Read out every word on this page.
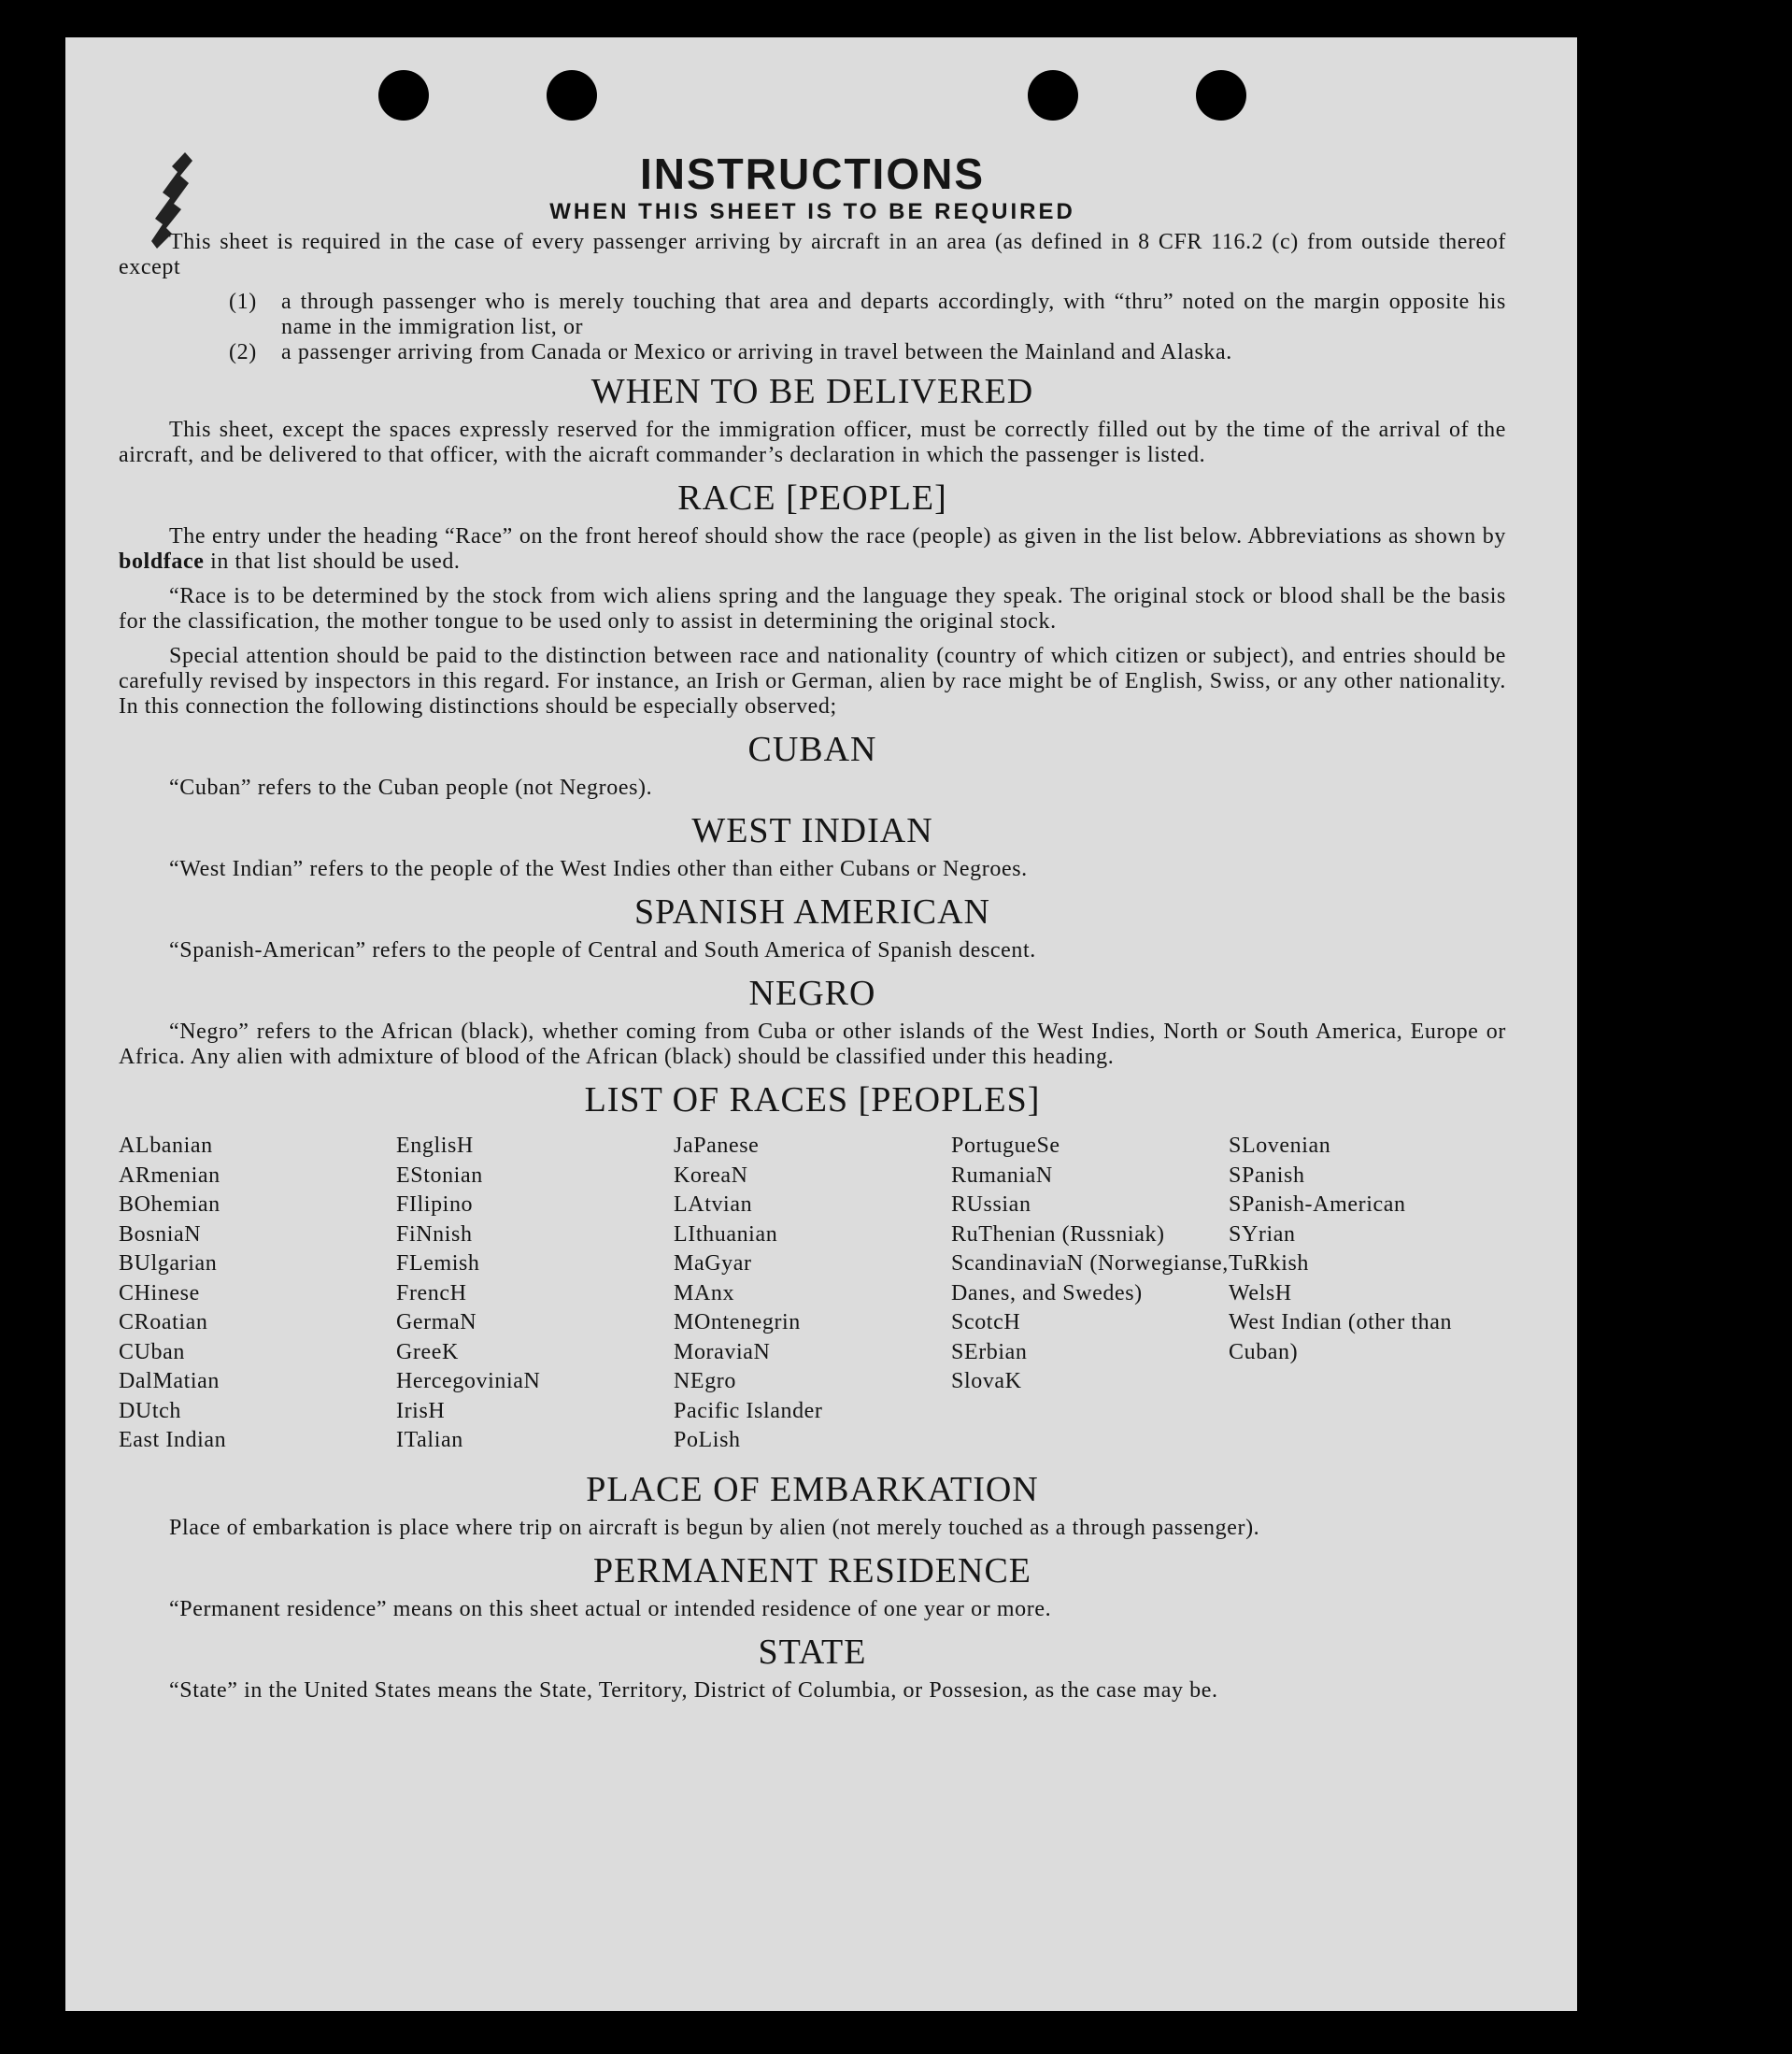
INSTRUCTIONS
WHEN THIS SHEET IS TO BE REQUIRED

This sheet is required in the case of every passenger arriving by aircraft in an area (as defined in 8 CFR 116.2 (c) from outside thereof except

(1)	a through passenger who is merely touching that area and departs accordingly, with “thru” noted on the margin opposite his name in the immigration list, or
(2)	a passenger arriving from Canada or Mexico or arriving in travel between the Mainland and Alaska.
WHEN TO BE DELIVERED

This sheet, except the spaces expressly reserved for the immigration officer, must be correctly filled out by the time of the arrival of the aircraft, and be delivered to that officer, with the aicraft commander’s declaration in which the passenger is listed.

RACE [PEOPLE]

The entry under the heading “Race” on the front hereof should show the race (people) as given in the list below. Abbreviations as shown by boldface in that list should be used.

“Race is to be determined by the stock from wich aliens spring and the language they speak. The original stock or blood shall be the basis for the classification, the mother tongue to be used only to assist in determining the original stock.

Special attention should be paid to the distinction between race and nationality (country of which citizen or subject), and entries should be carefully revised by inspectors in this regard. For instance, an Irish or German, alien by race might be of English, Swiss, or any other nationality. In this connection the following distinctions should be especially observed;

CUBAN

“Cuban” refers to the Cuban people (not Negroes).

WEST INDIAN

“West Indian” refers to the people of the West Indies other than either Cubans or Negroes.

SPANISH AMERICAN

“Spanish-American” refers to the people of Central and South America of Spanish descent.

NEGRO

“Negro” refers to the African (black), whether coming from Cuba or other islands of the West Indies, North or South America, Europe or Africa. Any alien with admixture of blood of the African (black) should be classified under this heading.

LIST OF RACES [PEOPLES]
ALbanian
ARmenian
BOhemian
BosniaN
BUlgarian
CHinese
CRoatian
CUban
DalMatian
DUtch
East Indian
EnglisH
EStonian
FIlipino
FiNnish
FLemish
FrencH
GermaN
GreeK
HercegoviniaN
IrisH
ITalian
JaPanese
KoreaN
LAtvian
LIthuanian
MaGyar
MAnx
MOntenegrin
MoraviaN
NEgro
Pacific Islander
PoLish
PortugueSe
RumaniaN
RUssian
RuThenian (Russniak)
ScandinaviaN (Norwegianse, Danes, and Swedes)
ScotcH
SErbian
SlovaK
SLovenian
SPanish
SPanish-American
SYrian
TuRkish
WelsH
West Indian (other than Cuban)
PLACE OF EMBARKATION

Place of embarkation is place where trip on aircraft is begun by alien (not merely touched as a through passenger).

PERMANENT RESIDENCE

“Permanent residence” means on this sheet actual or intended residence of one year or more.

STATE

“State” in the United States means the State, Territory, District of Columbia, or Possesion, as the case may be.
